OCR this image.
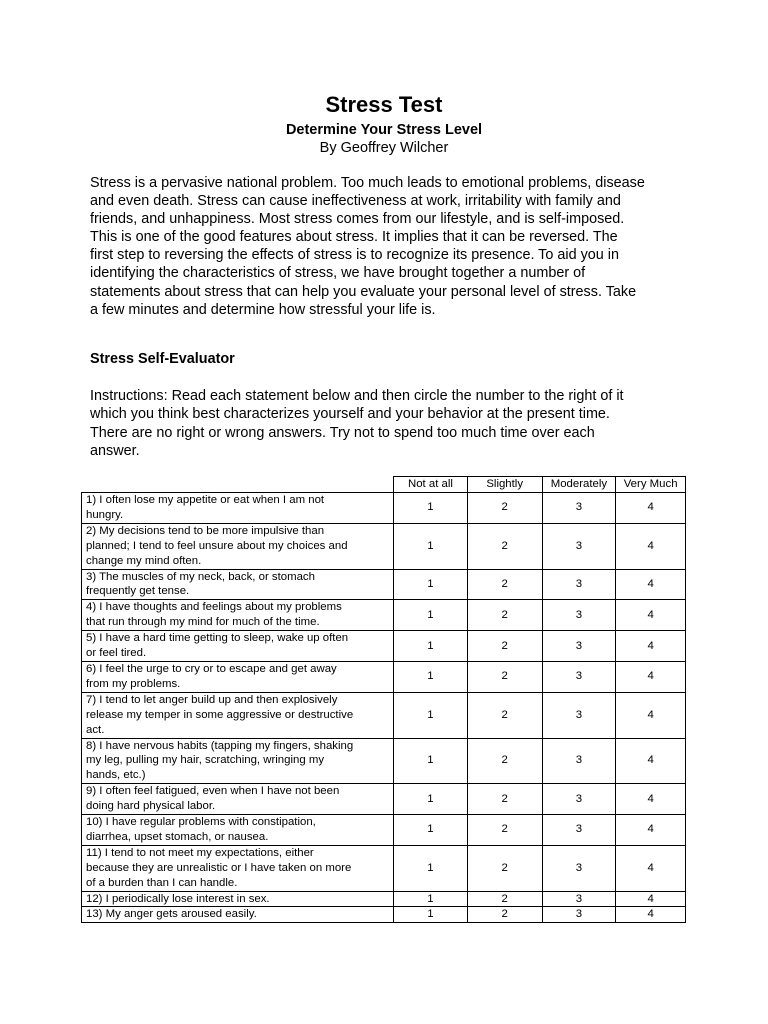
Stress Test
Determine Your Stress Level
By Geoffrey Wilcher
Stress is a pervasive national problem. Too much leads to emotional problems, disease
and even death. Stress can cause ineffectiveness at work, irritability with family and
friends, and unhappiness. Most stress comes from our lifestyle, and is self-imposed.
This is one of the good features about stress. It implies that it can be reversed. The
first step to reversing the effects of stress is to recognize its presence. To aid you in
identifying the characteristics of stress, we have brought together a number of
statements about stress that can help you evaluate your personal level of stress. Take
a few minutes and determine how stressful your life is.
Stress Self-Evaluator
Instructions: Read each statement below and then circle the number to the right of it
which you think best characterizes yourself and your behavior at the present time.
There are no right or wrong answers. Try not to spend too much time over each
answer.
	Not at all	Slightly	Moderately	Very Much

1) I often lose my appetite or eat when I am not
hungry.	1	2	3	4

2) My decisions tend to be more impulsive than
planned; I tend to feel unsure about my choices and
change my mind often.	1	2	3	4

3) The muscles of my neck, back, or stomach
frequently get tense.	1	2	3	4

4) I have thoughts and feelings about my problems
that run through my mind for much of the time.	1	2	3	4

5) I have a hard time getting to sleep, wake up often
or feel tired.	1	2	3	4

6) I feel the urge to cry or to escape and get away
from my problems.	1	2	3	4

7) I tend to let anger build up and then explosively
release my temper in some aggressive or destructive
act.	1	2	3	4

8) I have nervous habits (tapping my fingers, shaking
my leg, pulling my hair, scratching, wringing my
hands, etc.)	1	2	3	4

9) I often feel fatigued, even when I have not been
doing hard physical labor.	1	2	3	4

10) I have regular problems with constipation,
diarrhea, upset stomach, or nausea.	1	2	3	4

11) I tend to not meet my expectations, either
because they are unrealistic or I have taken on more
of a burden than I can handle.	1	2	3	4

12) I periodically lose interest in sex.	1	2	3	4

13) My anger gets aroused easily.	1	2	3	4
